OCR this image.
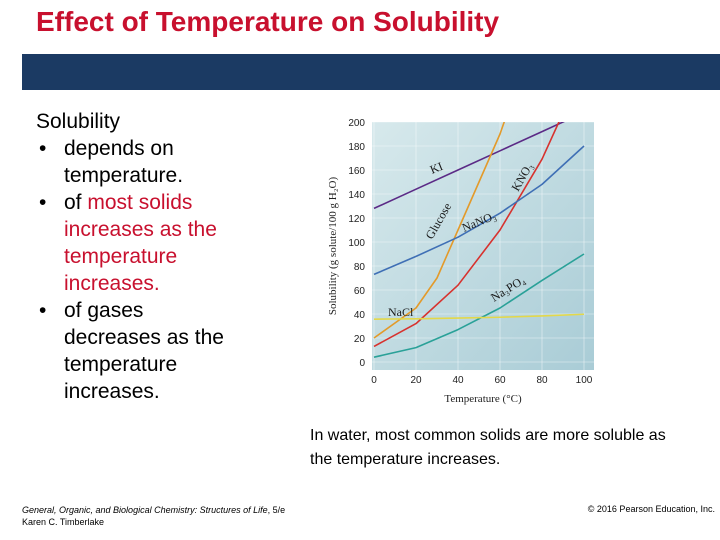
Effect of Temperature on Solubility
Solubility
• depends on
temperature.
• of most solids
increases as the
temperature
increases.
• of gases
decreases as the
temperature
increases.
0
20
40
60
80
100
120
140
160
180
200
0	20	40	60	80	100
KI	KNO₃
Glucose NaNO₃
Na₃PO₄
NaCl
Solubility (g solute/100 g H₂O)
Temperature (°C)
In water, most common solids are more soluble as the temperature increases.
General, Organic, and Biological Chemistry: Structures of Life, 5/e
Karen C. Timberlake
© 2016 Pearson Education, Inc.
